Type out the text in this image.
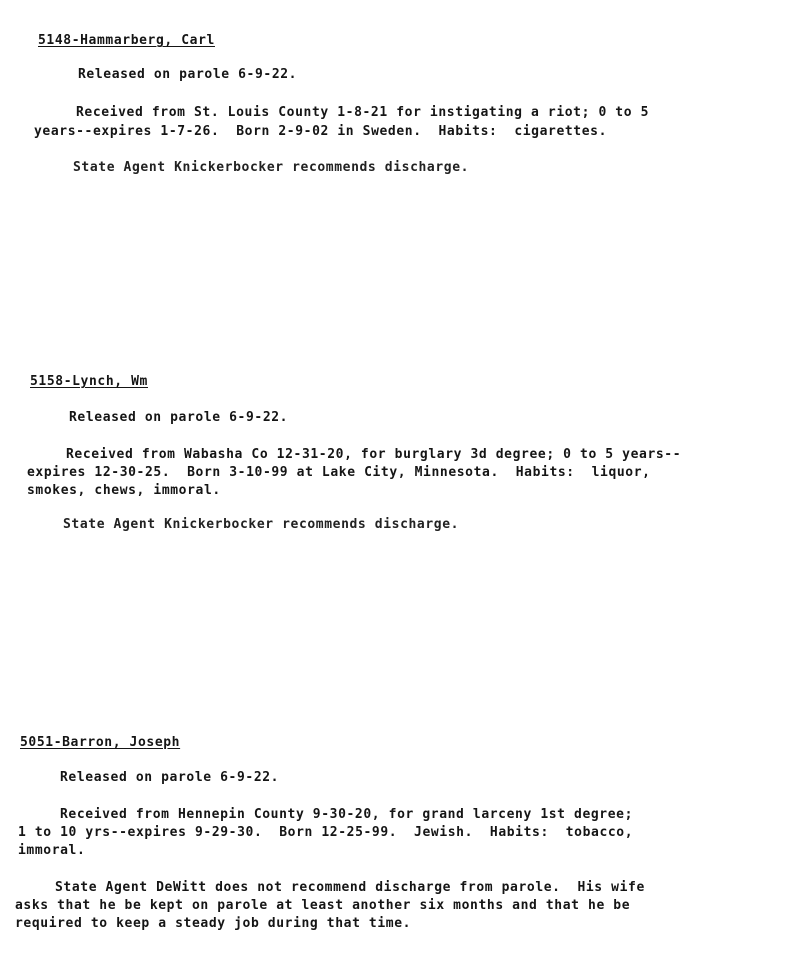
5148-Hammarberg, Carl
Released on parole 6-9-22.
Received from St. Louis County 1-8-21 for instigating a riot; 0 to 5
years--expires 1-7-26.  Born 2-9-02 in Sweden.  Habits:  cigarettes.
State Agent Knickerbocker recommends discharge.
5158-Lynch, Wm
Released on parole 6-9-22.
Received from Wabasha Co 12-31-20, for burglary 3d degree; 0 to 5 years--
expires 12-30-25.  Born 3-10-99 at Lake City, Minnesota.  Habits:  liquor,
smokes, chews, immoral.
State Agent Knickerbocker recommends discharge.
5051-Barron, Joseph
Released on parole 6-9-22.
Received from Hennepin County 9-30-20, for grand larceny 1st degree;
1 to 10 yrs--expires 9-29-30.  Born 12-25-99.  Jewish.  Habits:  tobacco,
immoral.
State Agent DeWitt does not recommend discharge from parole.  His wife
asks that he be kept on parole at least another six months and that he be
required to keep a steady job during that time.
